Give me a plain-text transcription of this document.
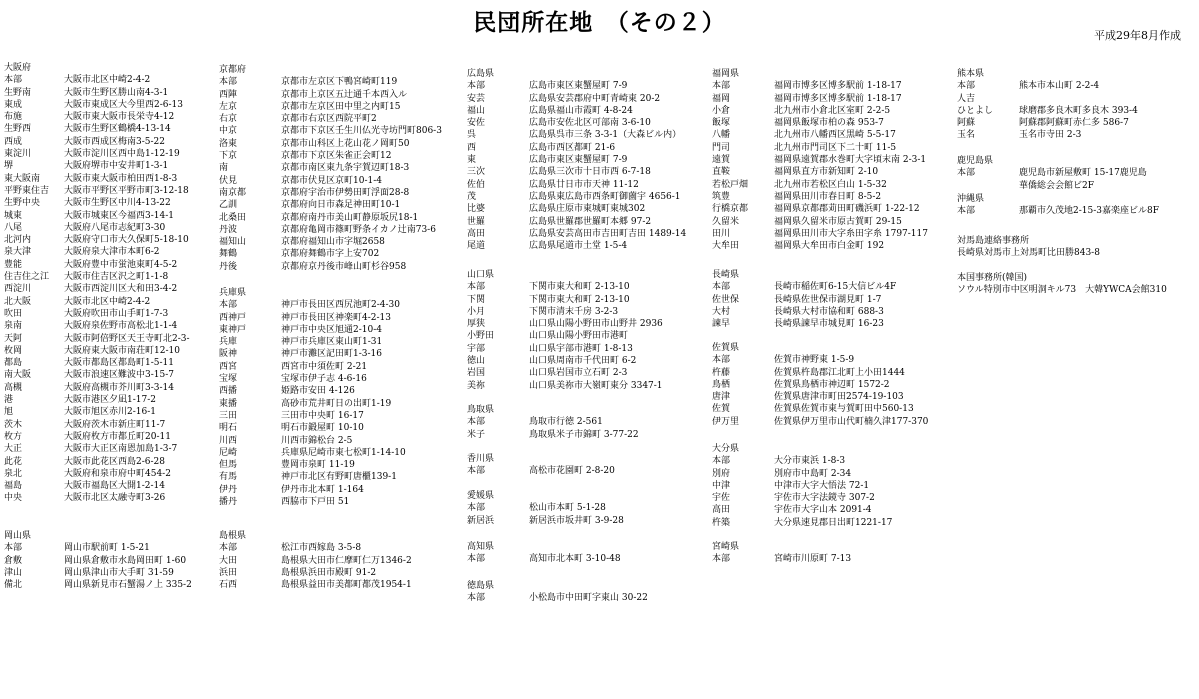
民団所在地　（その２）	平成29年8月作成
大阪府
本部	大阪市北区中崎2-4-2
生野南	大阪市生野区勝山南4-3-1
東成	大阪市東成区大今里西2-6-13
布施	大阪市東大阪市長栄寺4-12
生野西	大阪市生野区鶴橋4-13-14
西成	大阪市西成区梅南3-5-22
東淀川	大阪市淀川区西中島1-12-19
堺	大阪府堺市中安井町1-3-1
東大阪南	大阪市東大阪市柏田西1-8-3
平野東住吉	大阪市平野区平野市町3-12-18
生野中央	大阪市生野区中川4-13-22
城東	大阪市城東区今福西3-14-1
八尾	大阪府八尾市志紀町3-30
北河内	大阪府守口市大久保町5-18-10
泉大津	大阪府泉大津市本町6-2
豊能	大阪府豊中市蛍池東町4-5-2
住吉住之江	大阪市住吉区沢之町1-1-8
西淀川	大阪市西淀川区大和田3-4-2
北大阪	大阪市北区中崎2-4-2
吹田	大阪府吹田市山手町1-7-3
泉南	大阪府泉佐野市高松北1-1-4
天阿	大阪市阿倍野区天王寺町北2-3-
枚岡	大阪府東大阪市南荘町12-10
都島	大阪市都島区都島町1-5-11
南大阪	大阪市浪速区難波中3-15-7
高槻	大阪府高槻市芥川町3-3-14
港	大阪市港区夕凪1-17-2
旭	大阪市旭区赤川2-16-1
茨木	大阪府茨木市新庄町11-7
枚方	大阪府枚方市都丘町20-11
大正	大阪市大正区南恩加島1-3-7
此花	大阪市此花区西島2-6-28
泉北	大阪府和泉市府中町454-2
福島	大阪市福島区大開1-2-14
中央	大阪市北区太融寺町3-26
岡山県
本部	岡山市駅前町 1-5-21
倉敷	岡山県倉敷市水島岡田町 1-60
津山	岡山県津山市大手町 31-59
備北	岡山県新見市石蟹湯ノ上 335-2
京都府
本部	京都市左京区下鴨宮崎町119
西陣	京都市上京区五辻通千本西入ル
左京	京都市左京区田中里之内町15
右京	京都市右京区西院平町2
中京	京都市下京区壬生川仏光寺坊門町806-3
洛東	京都市山科区上花山花ノ岡町50
下京	京都市下京区朱雀正会町12
南	京都市南区東九条宇賀辺町18-3
伏見	京都市伏見区京町10-1-4
南京都	京都府宇治市伊勢田町浮面28-8
乙訓	京都府向日市森足神田町10-1
北桑田	京都府南丹市美山町静原坂尻18-1
丹波	京都府亀岡市篠町野条イカノ辻南73-6
福知山	京都府福知山市字堀2658
舞鶴	京都府舞鶴市字上安702
丹後	京都府京丹後市峰山町杉谷958
兵庫県
本部	神戸市長田区西尻池町2-4-30
西神戸	神戸市長田区神楽町4-2-13
東神戸	神戸市中央区旭通2-10-4
兵庫	神戸市兵庫区東山町1-31
阪神	神戸市灘区記田町1-3-16
西宮	西宮市中須佐町 2-21
宝塚	宝塚市伊子志 4-6-16
西播	姫路市安田 4-126
東播	高砂市荒井町日の出町1-19
三田	三田市中央町 16-17
明石	明石市鍛屋町 10-10
川西	川西市錦松台 2-5
尼崎	兵庫県尼崎市東七松町1-14-10
但馬	豊岡市泉町 11-19
有馬	神戸市北区有野町唐櫃139-1
伊丹	伊丹市北本町 1-164
播丹	西脇市下戸田 51
島根県
本部	松江市西嫁島 3-5-8
大田	島根県大田市仁摩町仁万1346-2
浜田	島根県浜田市殿町 91-2
石西	島根県益田市美都町都茂1954-1
広島県
本部	広島市東区東蟹屋町 7-9
安芸	広島県安芸郡府中町青崎東 20-2
福山	広島県福山市霞町 4-8-24
安佐	広島市安佐北区可部南 3-6-10
呉	広島県呉市三条 3-3-1（大森ビル内）
西	広島市西区都町 21-6
東	広島市東区東蟹屋町 7-9
三次	広島県三次市十日市西 6-7-18
佐伯	広島県廿日市市天神 11-12
茂	広島県東広島市西条町御薗宇 4656-1
比婆	広島県庄原市東城町東城302
世羅	広島県世羅郡世羅町本郷 97-2
高田	広島県安芸高田市吉田町吉田 1489-14
尾道	広島県尾道市土堂 1-5-4
山口県
本部	下関市東大和町 2-13-10
下関	下関市東大和町 2-13-10
小月	下関市清末千房 3-2-3
厚狭	山口県山陽小野田市山野井 2936
小野田	山口県山陽小野田市港町
宇部	山口県宇部市港町 1-8-13
徳山	山口県周南市千代田町 6-2
岩国	山口県岩国市立石町 2-3
美祢	山口県美祢市大嶺町東分 3347-1
鳥取県
本部	鳥取市行徳 2-561
米子	鳥取県米子市錦町 3-77-22
香川県
本部	高松市花園町 2-8-20
愛媛県
本部	松山市本町 5-1-28
新居浜	新居浜市坂井町 3-9-28
高知県
本部	高知市北本町 3-10-48
徳島県
本部	小松島市中田町字東山 30-22
福岡県
本部	福岡市博多区博多駅前 1-18-17
福岡	福岡市博多区博多駅前 1-18-17
小倉	北九州市小倉北区室町 2-2-5
飯塚	福岡県飯塚市柏の森 953-7
八幡	北九州市八幡西区黒崎 5-5-17
門司	北九州市門司区下二十町 11-5
遠賀	福岡県遠賀郡水巻町大字頃末南 2-3-1
直鞍	福岡県直方市新知町 2-10
若松戸畑	北九州市若松区白山 1-5-32
筑豊	福岡県田川市春日町 8-5-2
行橋京都	福岡県京都郡苅田町磯浜町 1-22-12
久留米	福岡県久留米市原古賀町 29-15
田川	福岡県田川市大字糸田字糸 1797-117
大牟田	福岡県大牟田市白金町 192
長崎県
本部	長崎市稲佐町6-15大信ビル4F
佐世保	長崎県佐世保市湖見町 1-7
大村	長崎県大村市協和町 688-3
諫早	長崎県諫早市城見町 16-23
佐賀県
本部	佐賀市神野東 1-5-9
杵藤	佐賀県杵島郡江北町上小田1444
鳥栖	佐賀県鳥栖市神辺町 1572-2
唐津	佐賀県唐津市町田2574-19-103
佐賀	佐賀県佐賀市東与賀町田中560-13
伊万里	佐賀県伊万里市山代町楠久津177-370
大分県
本部	大分市東浜 1-8-3
別府	別府市中島町 2-34
中津	中津市大字大悟法 72-1
宇佐	宇佐市大字法鏡寺 307-2
高田	宇佐市大字山本 2091-4
杵築	大分県速見郡日出町1221-17
宮崎県
本部	宮崎市川原町 7-13
熊本県
本部	熊本市本山町 2-2-4
人吉
ひとよし	球磨郡多良木町多良木 393-4
阿蘇	阿蘇郡阿蘇町赤仁多 586-7
玉名	玉名市寺田 2-3
鹿児島県
本部	鹿児島市新屋敷町 15-17鹿児島
華僑総会会館ビ2F
沖縄県
本部	那覇市久茂地2-15-3嘉楽座ビル8F
対馬島連絡事務所
長崎県対馬市上対馬町比田勝843-8
本国事務所(韓国)
ソウル特別市中区明洞キル73　大韓YWCA会館310
